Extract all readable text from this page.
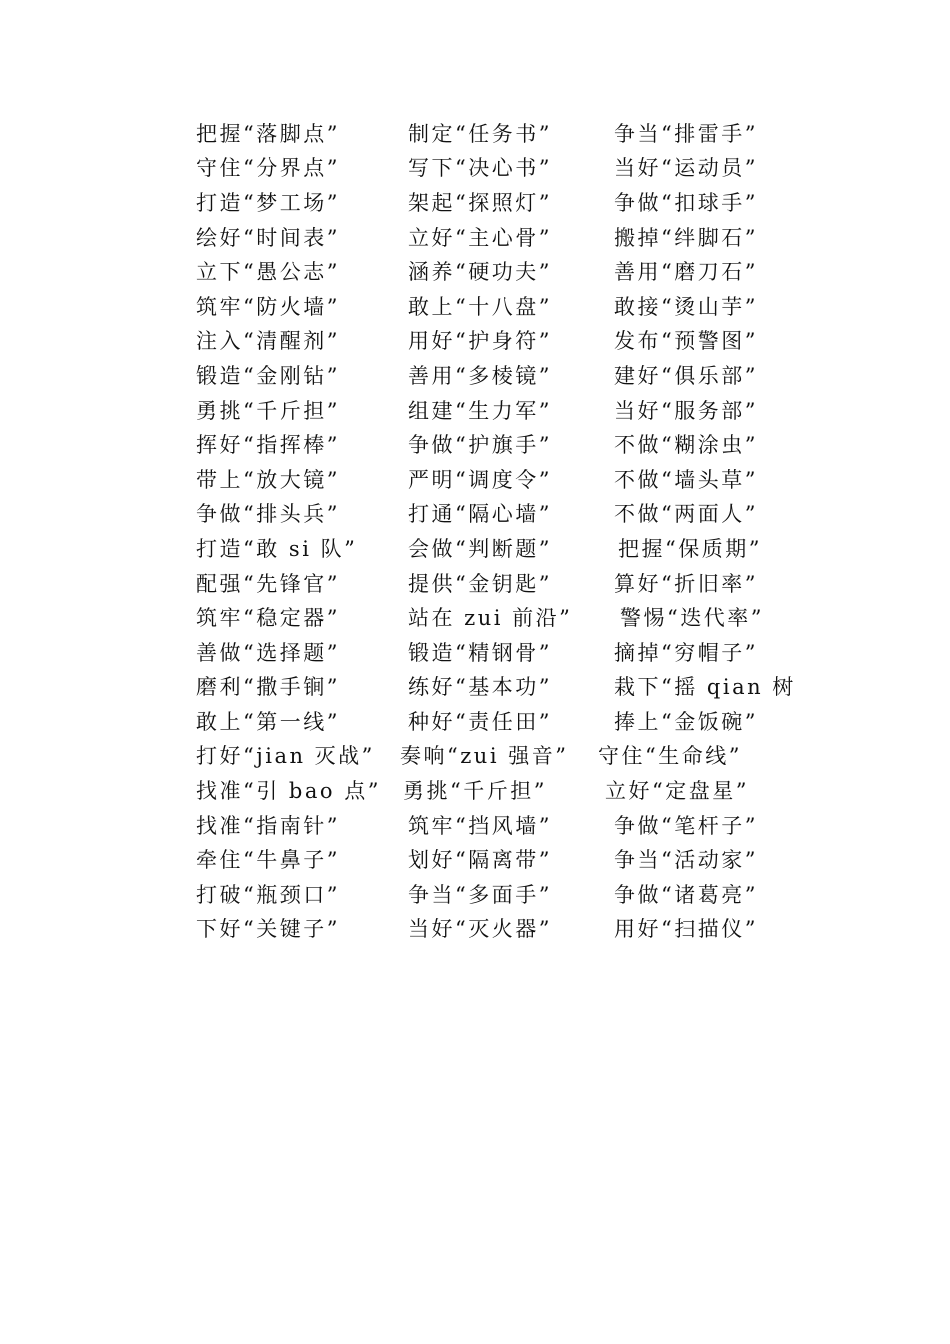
把握“落脚点”	制定“任务书”	争当“排雷手”
守住“分界点”	写下“决心书”	当好“运动员”
打造“梦工场”	架起“探照灯”	争做“扣球手”
绘好“时间表”	立好“主心骨”	搬掉“绊脚石”
立下“愚公志”	涵养“硬功夫”	善用“磨刀石”
筑牢“防火墙”	敢上“十八盘”	敢接“烫山芋”
注入“清醒剂”	用好“护身符”	发布“预警图”
锻造“金刚钻”	善用“多棱镜”	建好“俱乐部”
勇挑“千斤担”	组建“生力军”	当好“服务部”
挥好“指挥棒”	争做“护旗手”	不做“糊涂虫”
带上“放大镜”	严明“调度令”	不做“墙头草”
争做“排头兵”	打通“隔心墙”	不做“两面人”
打造“敢 si 队”	会做“判断题”	把握“保质期”
配强“先锋官”	提供“金钥匙”	算好“折旧率”
筑牢“稳定器”	站在 zui 前沿”	警惕“迭代率”
善做“选择题”	锻造“精钢骨”	摘掉“穷帽子”
磨利“撒手锏”	练好“基本功”	栽下“摇 qian 树
敢上“第一线”	种好“责任田”	捧上“金饭碗”
打好“jian 灭战”	奏响“zui 强音”	守住“生命线”
找准“引 bao 点”	勇挑“千斤担”	立好“定盘星”
找准“指南针”	筑牢“挡风墙”	争做“笔杆子”
牵住“牛鼻子”	划好“隔离带”	争当“活动家”
打破“瓶颈口”	争当“多面手”	争做“诸葛亮”
下好“关键子”	当好“灭火器”	用好“扫描仪”
